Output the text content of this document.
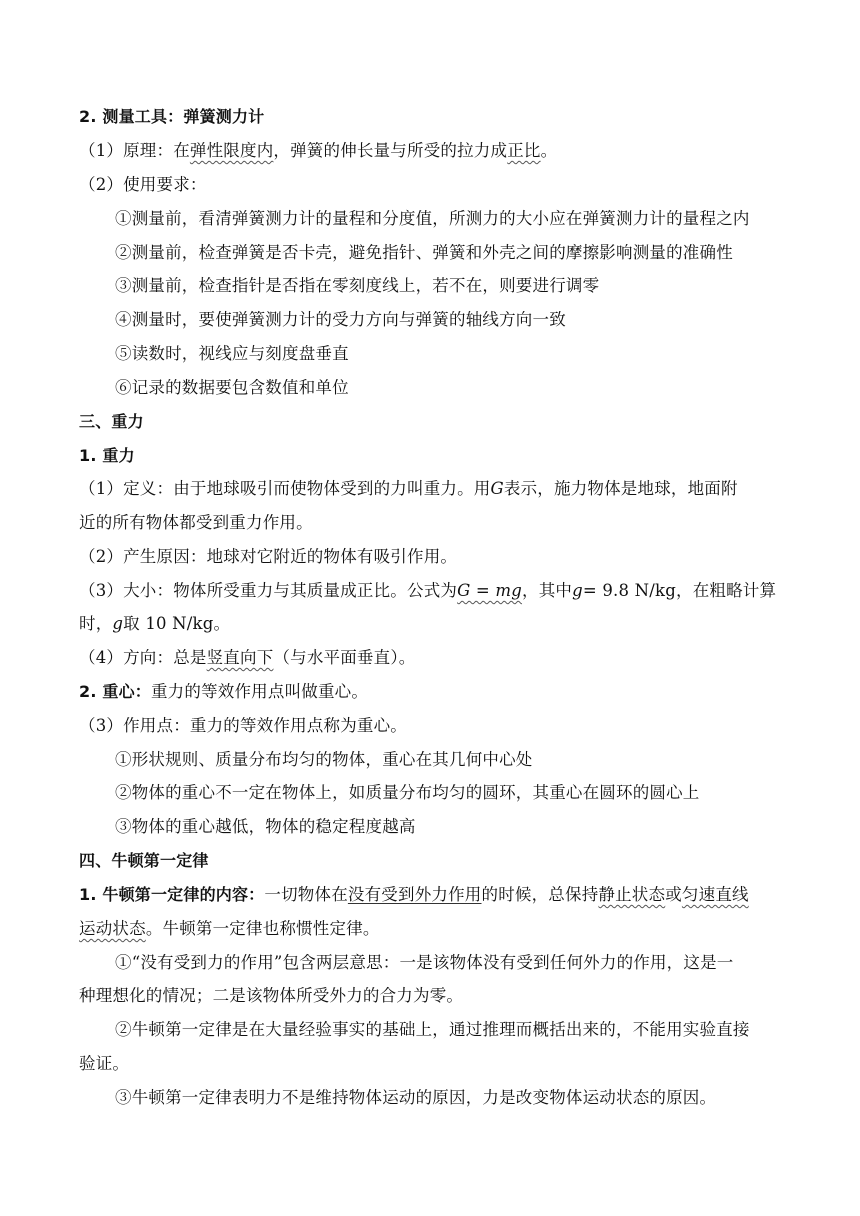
2. 测量工具：弹簧测力计
（1）原理：在弹性限度内，弹簧的伸长量与所受的拉力成正比。
（2）使用要求：
①测量前，看清弹簧测力计的量程和分度值，所测力的大小应在弹簧测力计的量程之内
②测量前，检查弹簧是否卡壳，避免指针、弹簧和外壳之间的摩擦影响测量的准确性
③测量前，检查指针是否指在零刻度线上，若不在，则要进行调零
④测量时，要使弹簧测力计的受力方向与弹簧的轴线方向一致
⑤读数时，视线应与刻度盘垂直
⑥记录的数据要包含数值和单位
三、重力
1. 重力
（1）定义：由于地球吸引而使物体受到的力叫重力。用G表示，施力物体是地球，地面附
近的所有物体都受到重力作用。
（2）产生原因：地球对它附近的物体有吸引作用。
（3）大小：物体所受重力与其质量成正比。公式为G = mg，其中g= 9.8 N/kg，在粗略计算
时，g取 10 N/kg。
（4）方向：总是竖直向下（与水平面垂直）。
2. 重心：重力的等效作用点叫做重心。
（3）作用点：重力的等效作用点称为重心。
①形状规则、质量分布均匀的物体，重心在其几何中心处
②物体的重心不一定在物体上，如质量分布均匀的圆环，其重心在圆环的圆心上
③物体的重心越低，物体的稳定程度越高
四、牛顿第一定律
1. 牛顿第一定律的内容：一切物体在没有受到外力作用的时候，总保持静止状态或匀速直线
运动状态。牛顿第一定律也称惯性定律。
①“没有受到力的作用”包含两层意思：一是该物体没有受到任何外力的作用，这是一
种理想化的情况；二是该物体所受外力的合力为零。
②牛顿第一定律是在大量经验事实的基础上，通过推理而概括出来的，不能用实验直接
验证。
③牛顿第一定律表明力不是维持物体运动的原因，力是改变物体运动状态的原因。
